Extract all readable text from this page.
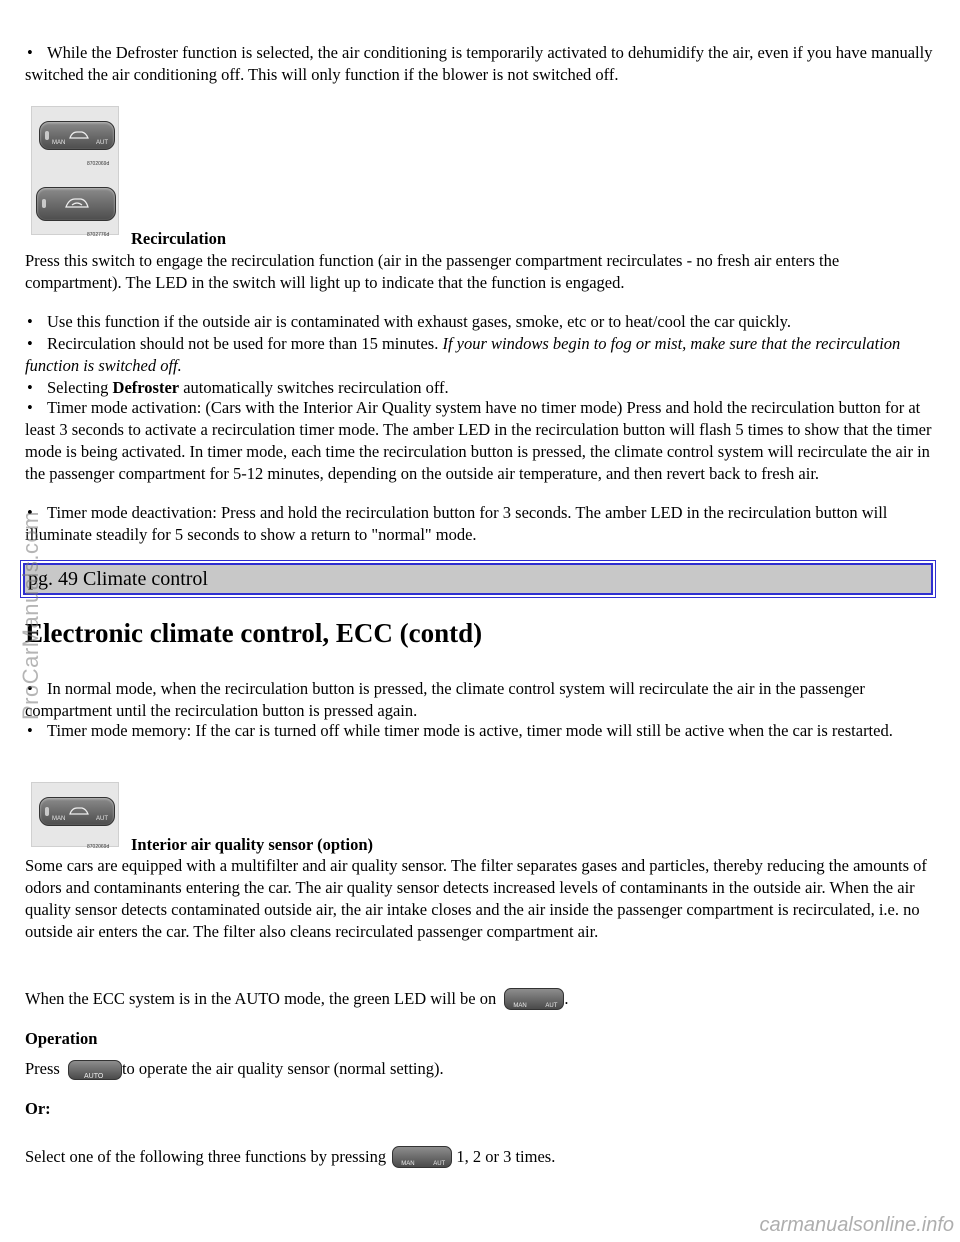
• While the Defroster function is selected, the air conditioning is temporarily activated to dehumidify the air, even if you have manually switched the air conditioning off. This will only function if the blower is not switched off.
MAN	AUT
8702069d
8702776d Recirculation
Press this switch to engage the recirculation function (air in the passenger compartment recirculates - no fresh air enters the compartment). The LED in the switch will light up to indicate that the function is engaged.
• Use this function if the outside air is contaminated with exhaust gases, smoke, etc or to heat/cool the car quickly.
• Recirculation should not be used for more than 15 minutes. If your windows begin to fog or mist, make sure that the recirculation function is switched off.
• Selecting Defroster automatically switches recirculation off.
• Timer mode activation: (Cars with the Interior Air Quality system have no timer mode) Press and hold the recirculation button for at least 3 seconds to activate a recirculation timer mode. The amber LED in the recirculation button will flash 5 times to show that the timer mode is being activated. In timer mode, each time the recirculation button is pressed, the climate control system will recirculate the air in the passenger compartment for 5-12 minutes, depending on the outside air temperature, and then revert back to fresh air.
• Timer mode deactivation: Press and hold the recirculation button for 3 seconds. The amber LED in the recirculation button will illuminate steadily for 5 seconds to show a return to "normal" mode.
pg. 49 Climate control
Electronic climate control, ECC (contd)
• In normal mode, when the recirculation button is pressed, the climate control system will recirculate the air in the passenger compartment until the recirculation button is pressed again.
• Timer mode memory: If the car is turned off while timer mode is active, timer mode will still be active when the car is restarted.
MAN	AUT
8702069d Interior air quality sensor (option)
Some cars are equipped with a multifilter and air quality sensor. The filter separates gases and particles, thereby reducing the amounts of odors and contaminants entering the car. The air quality sensor detects increased levels of contaminants in the outside air. When the air quality sensor detects contaminated outside air, the air intake closes and the air inside the passenger compartment is recirculated, i.e. no outside air enters the car. The filter also cleans recirculated passenger compartment air.
When the ECC system is in the AUTO mode, the green LED will be on	MAN	AUT .
Operation
Press	AUTO to operate the air quality sensor (normal setting).
Or:
Select one of the following three functions by pressing	MAN	AUT 1, 2 or 3 times.
ProCarManuals.com
carmanualsonline.info
